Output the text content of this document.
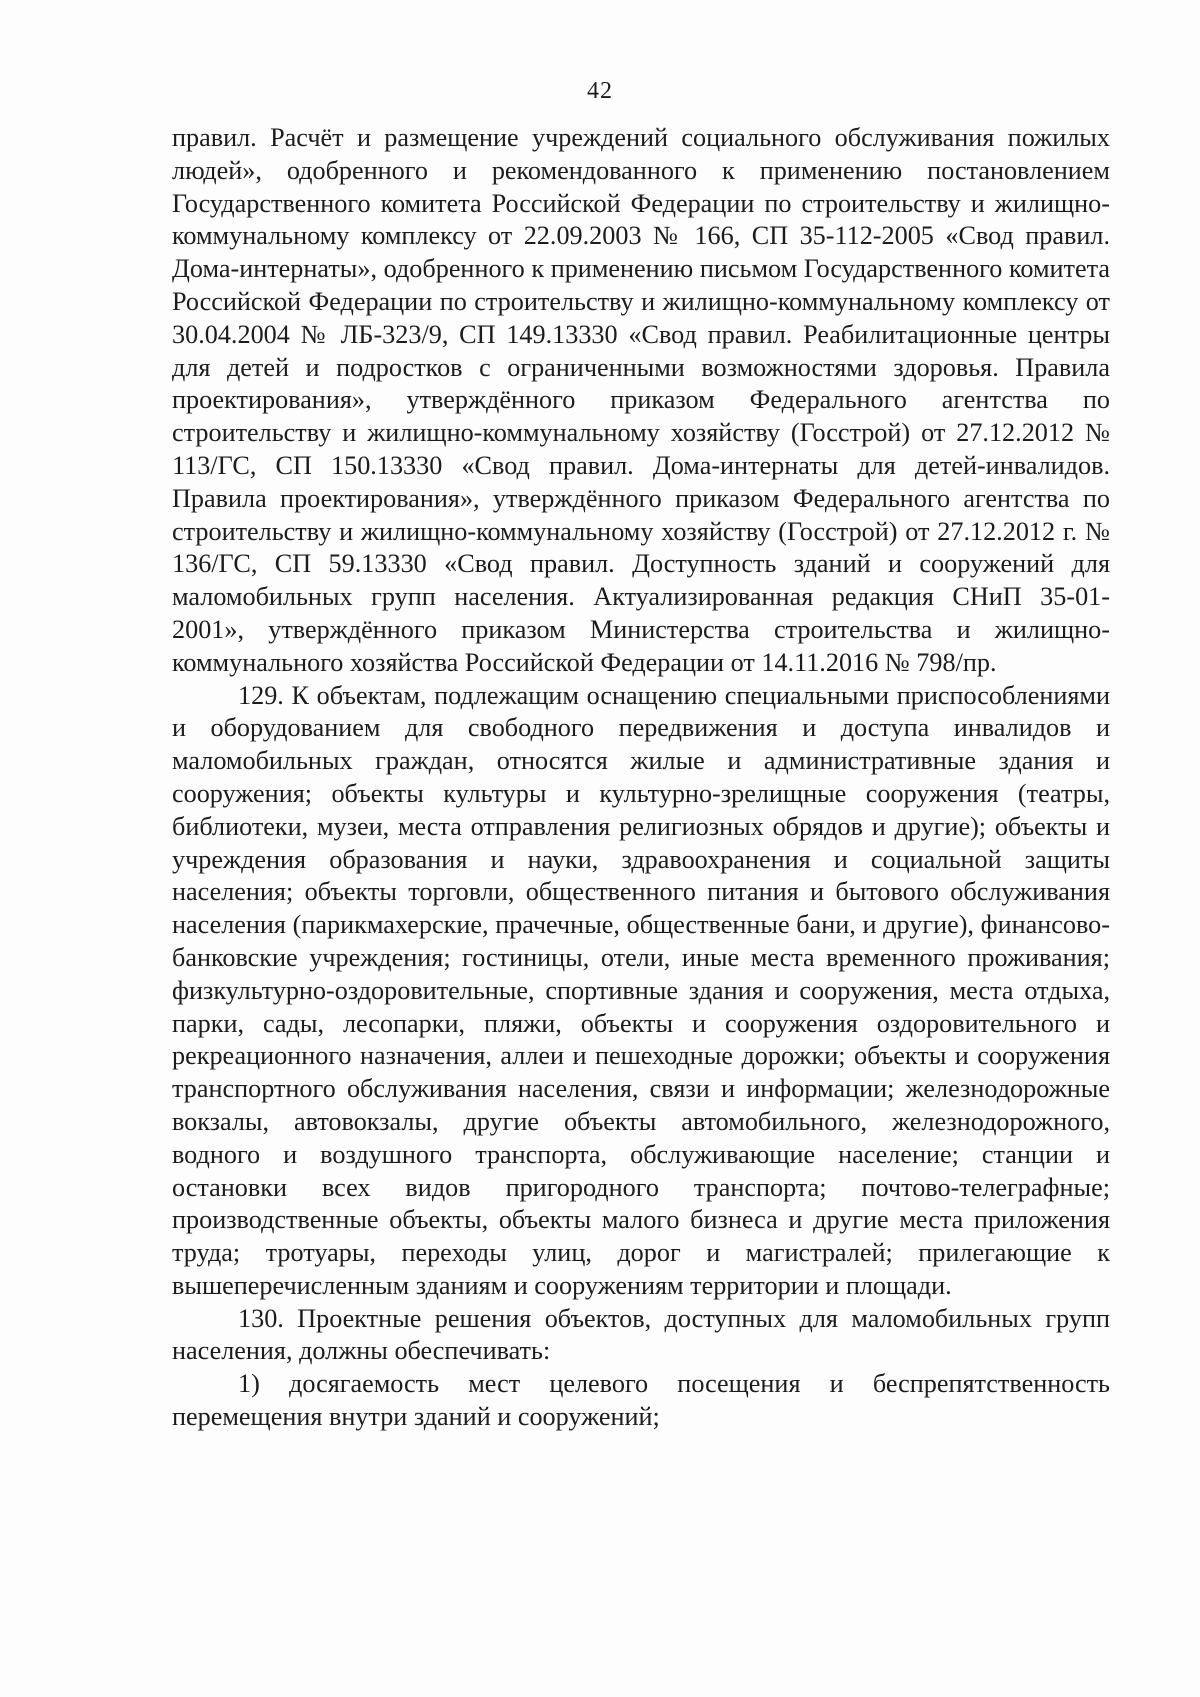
42

правил. Расчёт и размещение учреждений социального обслуживания пожилых людей», одобренного и рекомендованного к применению постановлением Государственного комитета Российской Федерации по строительству и жилищно-коммунальному комплексу от 22.09.2003 № 166, СП 35-112-2005 «Свод правил. Дома-интернаты», одобренного к применению письмом Государственного комитета Российской Федерации по строительству и жилищно-коммунальному комплексу от 30.04.2004 № ЛБ-323/9, СП 149.13330 «Свод правил. Реабилитационные центры для детей и подростков с ограниченными возможностями здоровья. Правила проектирования», утверждённого приказом Федерального агентства по строительству и жилищно-коммунальному хозяйству (Госстрой) от 27.12.2012 № 113/ГС, СП 150.13330 «Свод правил. Дома-интернаты для детей-инвалидов. Правила проектирования», утверждённого приказом Федерального агентства по строительству и жилищно-коммунальному хозяйству (Госстрой) от 27.12.2012 г. № 136/ГС, СП 59.13330 «Свод правил. Доступность зданий и сооружений для маломобильных групп населения. Актуализированная редакция СНиП 35-01-2001», утверждённого приказом Министерства строительства и жилищно-коммунального хозяйства Российской Федерации от 14.11.2016 № 798/пр.

129. К объектам, подлежащим оснащению специальными приспособлениями и оборудованием для свободного передвижения и доступа инвалидов и маломобильных граждан, относятся жилые и административные здания и сооружения; объекты культуры и культурно-зрелищные сооружения (театры, библиотеки, музеи, места отправления религиозных обрядов и другие); объекты и учреждения образования и науки, здравоохранения и социальной защиты населения; объекты торговли, общественного питания и бытового обслуживания населения (парикмахерские, прачечные, общественные бани, и другие), финансово-банковские учреждения; гостиницы, отели, иные места временного проживания; физкультурно-оздоровительные, спортивные здания и сооружения, места отдыха, парки, сады, лесопарки, пляжи, объекты и сооружения оздоровительного и рекреационного назначения, аллеи и пешеходные дорожки; объекты и сооружения транспортного обслуживания населения, связи и информации; железнодорожные вокзалы, автовокзалы, другие объекты автомобильного, железнодорожного, водного и воздушного транспорта, обслуживающие население; станции и остановки всех видов пригородного транспорта; почтово-телеграфные; производственные объекты, объекты малого бизнеса и другие места приложения труда; тротуары, переходы улиц, дорог и магистралей; прилегающие к вышеперечисленным зданиям и сооружениям территории и площади.

130. Проектные решения объектов, доступных для маломобильных групп населения, должны обеспечивать:

1) досягаемость мест целевого посещения и беспрепятственность перемещения внутри зданий и сооружений;
